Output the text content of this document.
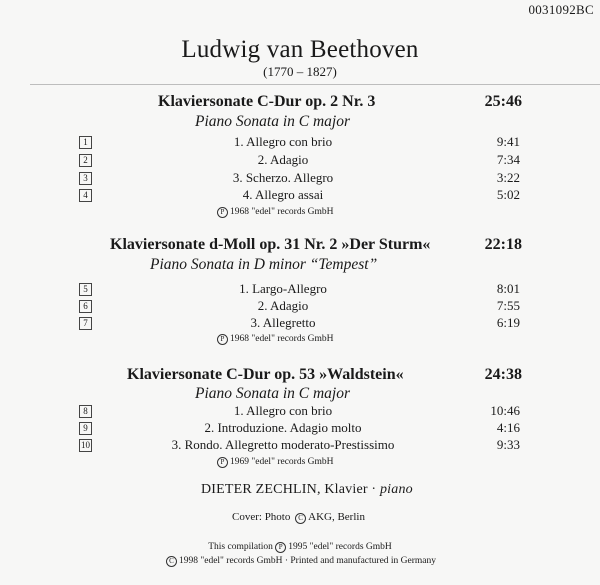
0031092BC
Ludwig van Beethoven
(1770 – 1827)
Klaviersonate C-Dur op. 2 Nr. 3	25:46
Piano Sonata in C major
1	1. Allegro con brio	9:41
2	2. Adagio	7:34
3	3. Scherzo. Allegro	3:22
4	4. Allegro assai	5:02
P 1968 "edel" records GmbH
Klaviersonate d-Moll op. 31 Nr. 2 »Der Sturm«	22:18
Piano Sonata in D minor “Tempest”
5	1. Largo-Allegro	8:01
6	2. Adagio	7:55
7	3. Allegretto	6:19
P 1968 "edel" records GmbH
Klaviersonate C-Dur op. 53 »Waldstein«	24:38
Piano Sonata in C major
8	1. Allegro con brio	10:46
9	2. Introduzione. Adagio molto	4:16
10	3. Rondo. Allegretto moderato-Prestissimo	9:33
P 1969 "edel" records GmbH
DIETER ZECHLIN, Klavier · piano
Cover: Photo C AKG, Berlin
This compilation P 1995 "edel" records GmbH
C 1998 "edel" records GmbH · Printed and manufactured in Germany
